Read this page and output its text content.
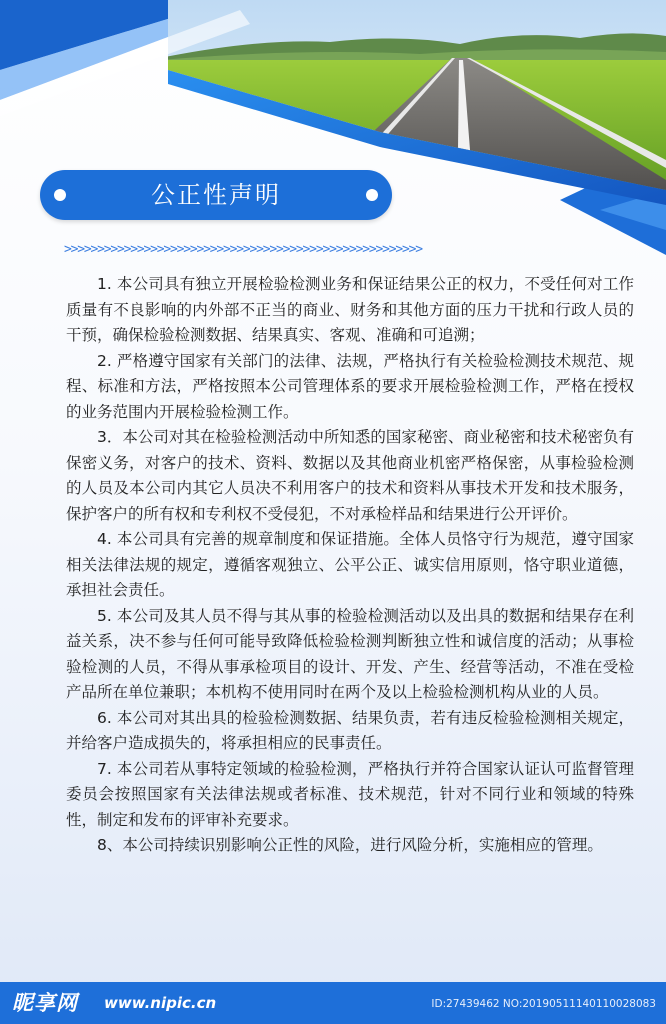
公正性声明
>>>>>>>>>>>>>>>>>>>>>>>>>>>>>>>>>>>>>>>>>>>>>>>>>>>>>>

1. 本公司具有独立开展检验检测业务和保证结果公正的权力，不受任何对工作质量有不良影响的内外部不正当的商业、财务和其他方面的压力干扰和行政人员的干预，确保检验检测数据、结果真实、客观、准确和可追溯；

2. 严格遵守国家有关部门的法律、法规，严格执行有关检验检测技术规范、规程、标准和方法，严格按照本公司管理体系的要求开展检验检测工作，严格在授权的业务范围内开展检验检测工作。

3．本公司对其在检验检测活动中所知悉的国家秘密、商业秘密和技术秘密负有保密义务，对客户的技术、资料、数据以及其他商业机密严格保密，从事检验检测的人员及本公司内其它人员决不利用客户的技术和资料从事技术开发和技术服务，保护客户的所有权和专利权不受侵犯，不对承检样品和结果进行公开评价。

4. 本公司具有完善的规章制度和保证措施。全体人员恪守行为规范，遵守国家相关法律法规的规定，遵循客观独立、公平公正、诚实信用原则，恪守职业道德，承担社会责任。

5. 本公司及其人员不得与其从事的检验检测活动以及出具的数据和结果存在利益关系，决不参与任何可能导致降低检验检测判断独立性和诚信度的活动；从事检验检测的人员，不得从事承检项目的设计、开发、产生、经营等活动，不准在受检产品所在单位兼职；本机构不使用同时在两个及以上检验检测机构从业的人员。

6. 本公司对其出具的检验检测数据、结果负责，若有违反检验检测相关规定，并给客户造成损失的，将承担相应的民事责任。

7. 本公司若从事特定领域的检验检测，严格执行并符合国家认证认可监督管理委员会按照国家有关法律法规或者标准、技术规范，针对不同行业和领域的特殊性，制定和发布的评审补充要求。

8、本公司持续识别影响公正性的风险，进行风险分析，实施相应的管理。

昵享网 www.nipic.cn	ID:27439462 NO:20190511140110028083
